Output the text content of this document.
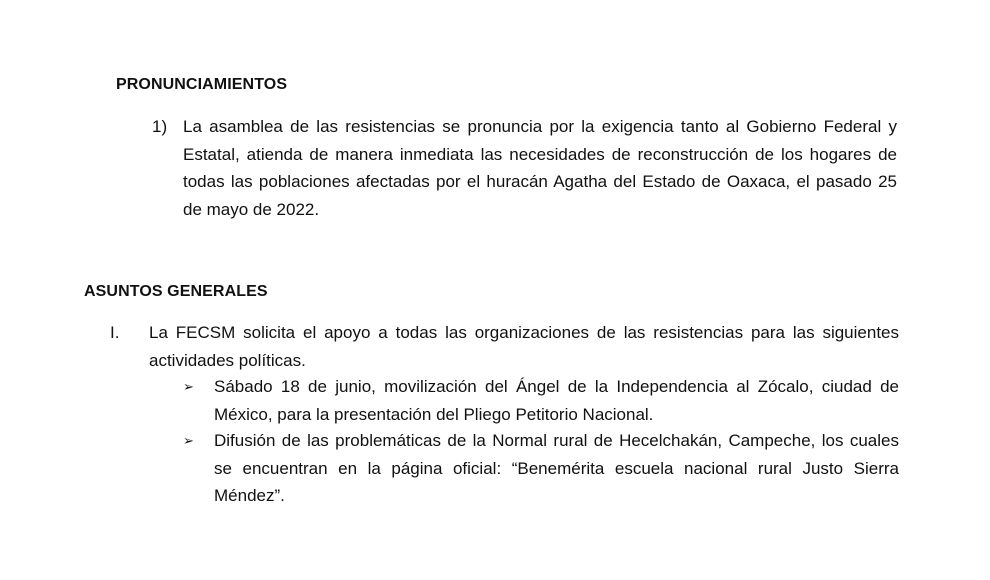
PRONUNCIAMIENTOS
1) La asamblea de las resistencias se pronuncia por la exigencia tanto al Gobierno Federal y Estatal, atienda de manera inmediata las necesidades de reconstrucción de los hogares de todas las poblaciones afectadas por el huracán Agatha del Estado de Oaxaca, el pasado 25 de mayo de 2022.
ASUNTOS GENERALES
I. La FECSM solicita el apoyo a todas las organizaciones de las resistencias para las siguientes actividades políticas.
➢ Sábado 18 de junio, movilización del Ángel de la Independencia al Zócalo, ciudad de México, para la presentación del Pliego Petitorio Nacional.
➢ Difusión de las problemáticas de la Normal rural de Hecelchakán, Campeche, los cuales se encuentran en la página oficial: “Benemérita escuela nacional rural Justo Sierra Méndez”.
